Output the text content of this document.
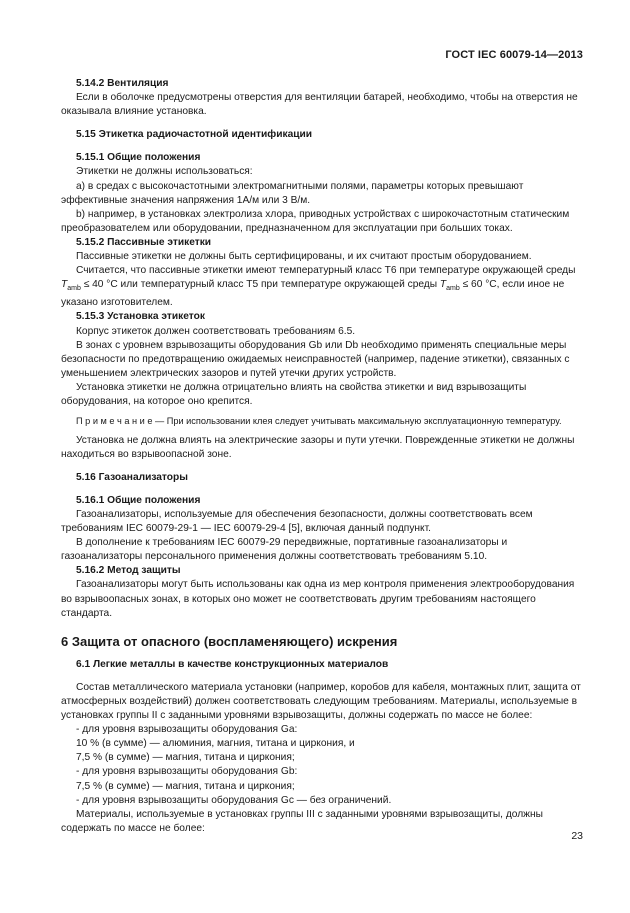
ГОСТ IEC 60079-14—2013

5.14.2 Вентиляция

Если в оболочке предусмотрены отверстия для вентиляции батарей, необходимо, чтобы на отверстия не оказывала влияние установка.

5.15 Этикетка радиочастотной идентификации

5.15.1 Общие положения

Этикетки не должны использоваться:

a) в средах с высокочастотными электромагнитными полями, параметры которых превышают эффективные значения напряжения 1А/м или 3 В/м.

b) например, в установках электролиза хлора, приводных устройствах с широкочастотным статическим преобразователем или оборудовании, предназначенном для эксплуатации при больших токах.

5.15.2 Пассивные этикетки

Пассивные этикетки не должны быть сертифицированы, и их считают простым оборудованием.

Считается, что пассивные этикетки имеют температурный класс Т6 при температуре окружающей среды $T_{amb} \le 40$ °С или температурный класс Т5 при температуре окружающей среды $T_{amb} \le 60$ °С, если иное не указано изготовителем.

5.15.3 Установка этикеток

Корпус этикеток должен соответствовать требованиям 6.5.

В зонах с уровнем взрывозащиты оборудования Gb или Db необходимо применять специальные меры безопасности по предотвращению ожидаемых неисправностей (например, падение этикетки), связанных с уменьшением электрических зазоров и путей утечки других устройств.

Установка этикетки не должна отрицательно влиять на свойства этикетки и вид взрывозащиты оборудования, на которое оно крепится.

П р и м е ч а н и е — При использовании клея следует учитывать максимальную эксплуатационную температуру.

Установка не должна влиять на электрические зазоры и пути утечки. Поврежденные этикетки не должны находиться во взрывоопасной зоне.

5.16 Газоанализаторы

5.16.1 Общие положения

Газоанализаторы, используемые для обеспечения безопасности, должны соответствовать всем требованиям IEC 60079-29-1 — IEC 60079-29-4 [5], включая данный подпункт.

В дополнение к требованиям IEC 60079-29 передвижные, портативные газоанализаторы и газоанализаторы персонального применения должны соответствовать требованиям 5.10.

5.16.2 Метод защиты

Газоанализаторы могут быть использованы как одна из мер контроля применения электрооборудования во взрывоопасных зонах, в которых оно может не соответствовать другим требованиям настоящего стандарта.

6 Защита от опасного (воспламеняющего) искрения

6.1 Легкие металлы в качестве конструкционных материалов

Состав металлического материала установки (например, коробов для кабеля, монтажных плит, защита от атмосферных воздействий) должен соответствовать следующим требованиям. Материалы, используемые в установках группы II с заданными уровнями взрывозащиты, должны содержать по массе не более:

- для уровня взрывозащиты оборудования Ga:

10 % (в сумме) — алюминия, магния, титана и циркония, и

7,5 % (в сумме) — магния, титана и циркония;

- для уровня взрывозащиты оборудования Gb:

7,5 % (в сумме) — магния, титана и циркония;

- для уровня взрывозащиты оборудования Gc — без ограничений.

Материалы, используемые в установках группы III с заданными уровнями взрывозащиты, должны содержать по массе не более:

23
